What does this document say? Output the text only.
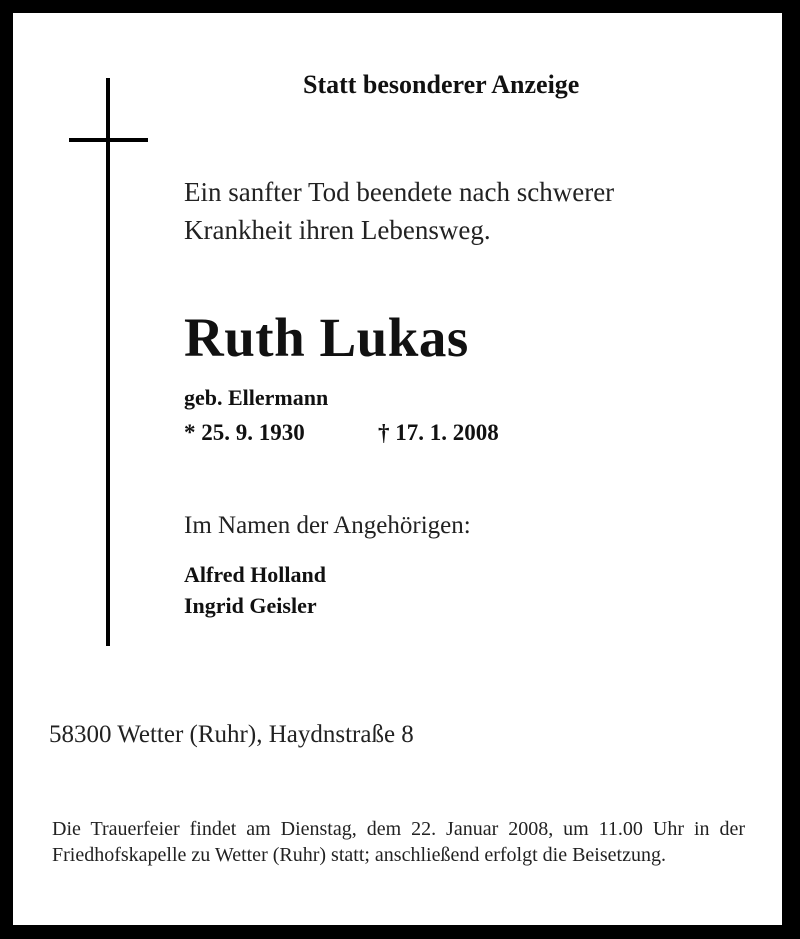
Statt besonderer Anzeige
Ein sanfter Tod beendete nach schwerer
Krankheit ihren Lebensweg.
Ruth Lukas
geb. Ellermann
* 25. 9. 1930	† 17. 1. 2008
Im Namen der Angehörigen:
Alfred Holland
Ingrid Geisler
58300 Wetter (Ruhr), Haydnstraße 8
Die Trauerfeier findet am Dienstag, dem 22. Januar 2008, um 11.00 Uhr in der Friedhofskapelle zu Wetter (Ruhr) statt; anschließend erfolgt die Beisetzung.
